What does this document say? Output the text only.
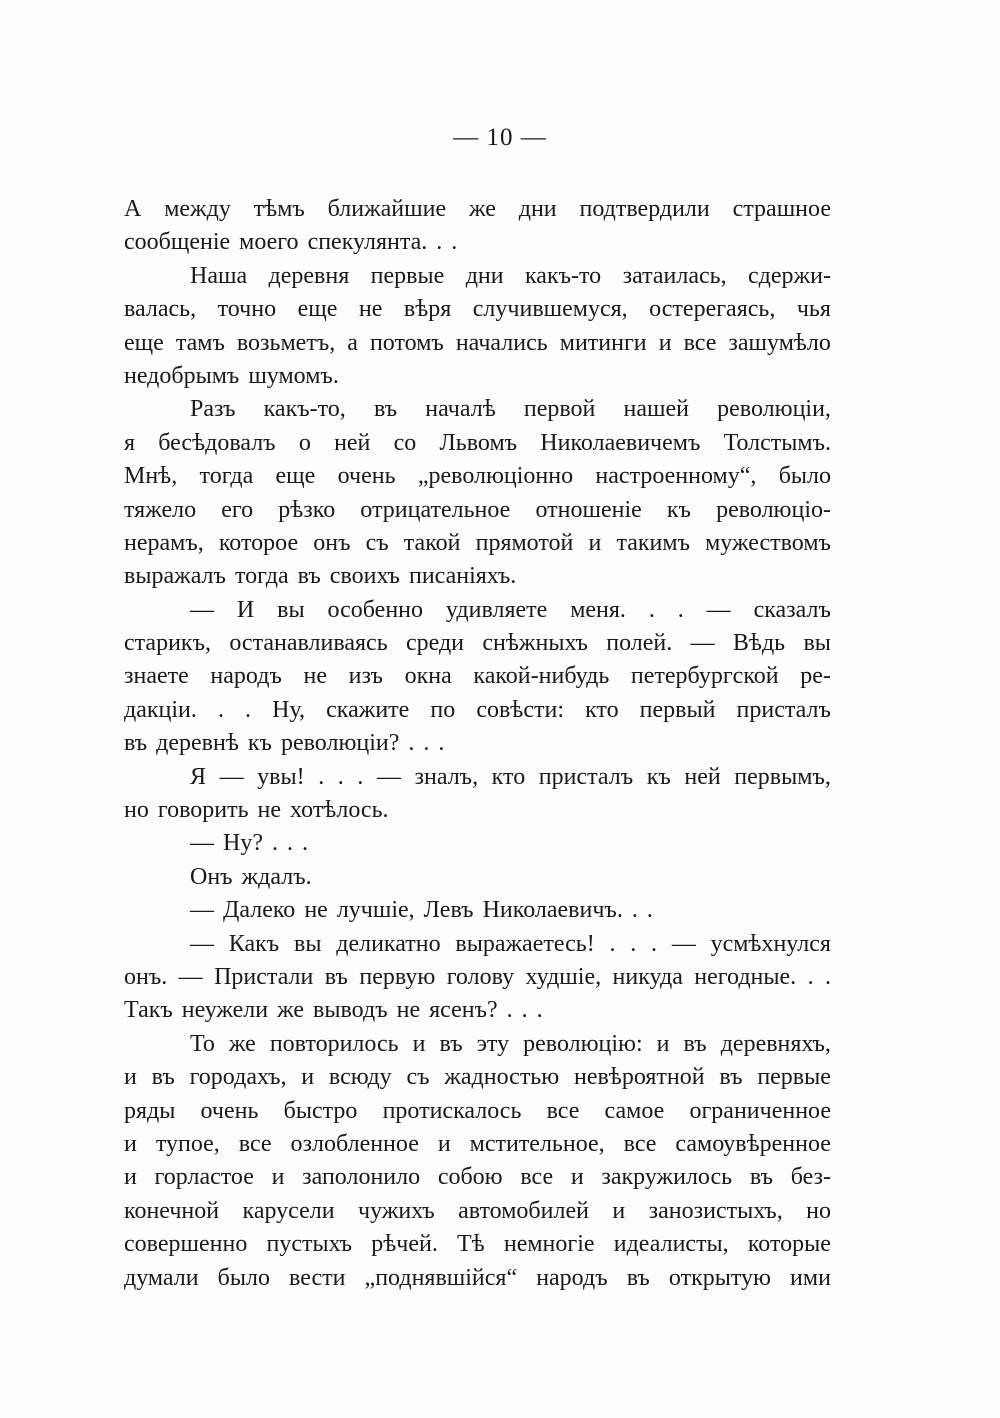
— 10 —
А между тѣмъ ближайшие же дни подтвердили страшное
сообщеніе моего спекулянта. . .
Наша деревня первые дни какъ-то затаилась, сдержи-
валась, точно еще не вѣря случившемуся, остерегаясь, чья
еще тамъ возьметъ, а потомъ начались митинги и все зашумѣло
недобрымъ шумомъ.
Разъ какъ-то, въ началѣ первой нашей революціи,
я бесѣдовалъ о ней со Львомъ Николаевичемъ Толстымъ.
Мнѣ, тогда еще очень „революціонно настроенному“, было
тяжело его рѣзко отрицательное отношеніе къ революціо-
нерамъ, которое онъ съ такой прямотой и такимъ мужествомъ
выражалъ тогда въ своихъ писаніяхъ.
— И вы особенно удивляете меня. . . — сказалъ
старикъ, останавливаясь среди снѣжныхъ полей. — Вѣдь вы
знаете народъ не изъ окна какой-нибудь петербургской ре-
дакціи. . . Ну, скажите по совѣсти: кто первый присталъ
въ деревнѣ къ революціи? . . .
Я — увы! . . . — зналъ, кто присталъ къ ней первымъ,
но говорить не хотѣлось.
— Ну? . . .
Онъ ждалъ.
— Далеко не лучшіе, Левъ Николаевичъ. . .
— Какъ вы деликатно выражаетесь! . . . — усмѣхнулся
онъ. — Пристали въ первую голову худшіе, никуда негодные. . .
Такъ неужели же выводъ не ясенъ? . . .
То же повторилось и въ эту революцію: и въ деревняхъ,
и въ городахъ, и всюду съ жадностью невѣроятной въ первые
ряды очень быстро протискалось все самое ограниченное
и тупое, все озлобленное и мстительное, все самоувѣренное
и горластое и заполонило собою все и закружилось въ без-
конечной карусели чужихъ автомобилей и занозистыхъ, но
совершенно пустыхъ рѣчей. Тѣ немногіе идеалисты, которые
думали было вести „поднявшійся“ народъ въ открытую ими
